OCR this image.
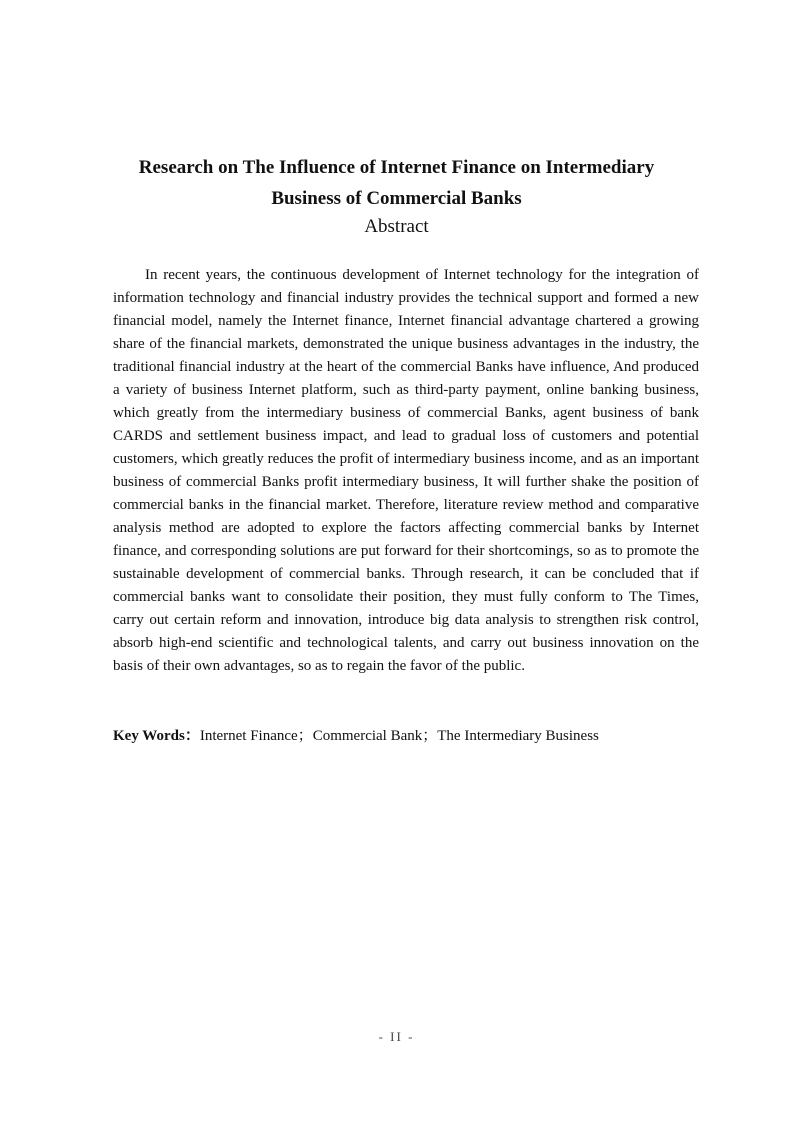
Research on The Influence of Internet Finance on Intermediary
Business of Commercial Banks
Abstract

In recent years, the continuous development of Internet technology for the integration of information technology and financial industry provides the technical support and formed a new financial model, namely the Internet finance, Internet financial advantage chartered a growing share of the financial markets, demonstrated the unique business advantages in the industry, the traditional financial industry at the heart of the commercial Banks have influence, And produced a variety of business Internet platform, such as third-party payment, online banking business, which greatly from the intermediary business of commercial Banks, agent business of bank CARDS and settlement business impact, and lead to gradual loss of customers and potential customers, which greatly reduces the profit of intermediary business income, and as an important business of commercial Banks profit intermediary business, It will further shake the position of commercial banks in the financial market. Therefore, literature review method and comparative analysis method are adopted to explore the factors affecting commercial banks by Internet finance, and corresponding solutions are put forward for their shortcomings, so as to promote the sustainable development of commercial banks. Through research, it can be concluded that if commercial banks want to consolidate their position, they must fully conform to The Times, carry out certain reform and innovation, introduce big data analysis to strengthen risk control, absorb high-end scientific and technological talents, and carry out business innovation on the basis of their own advantages, so as to regain the favor of the public.

Key Words：Internet Finance；Commercial Bank；The Intermediary Business

- II -
